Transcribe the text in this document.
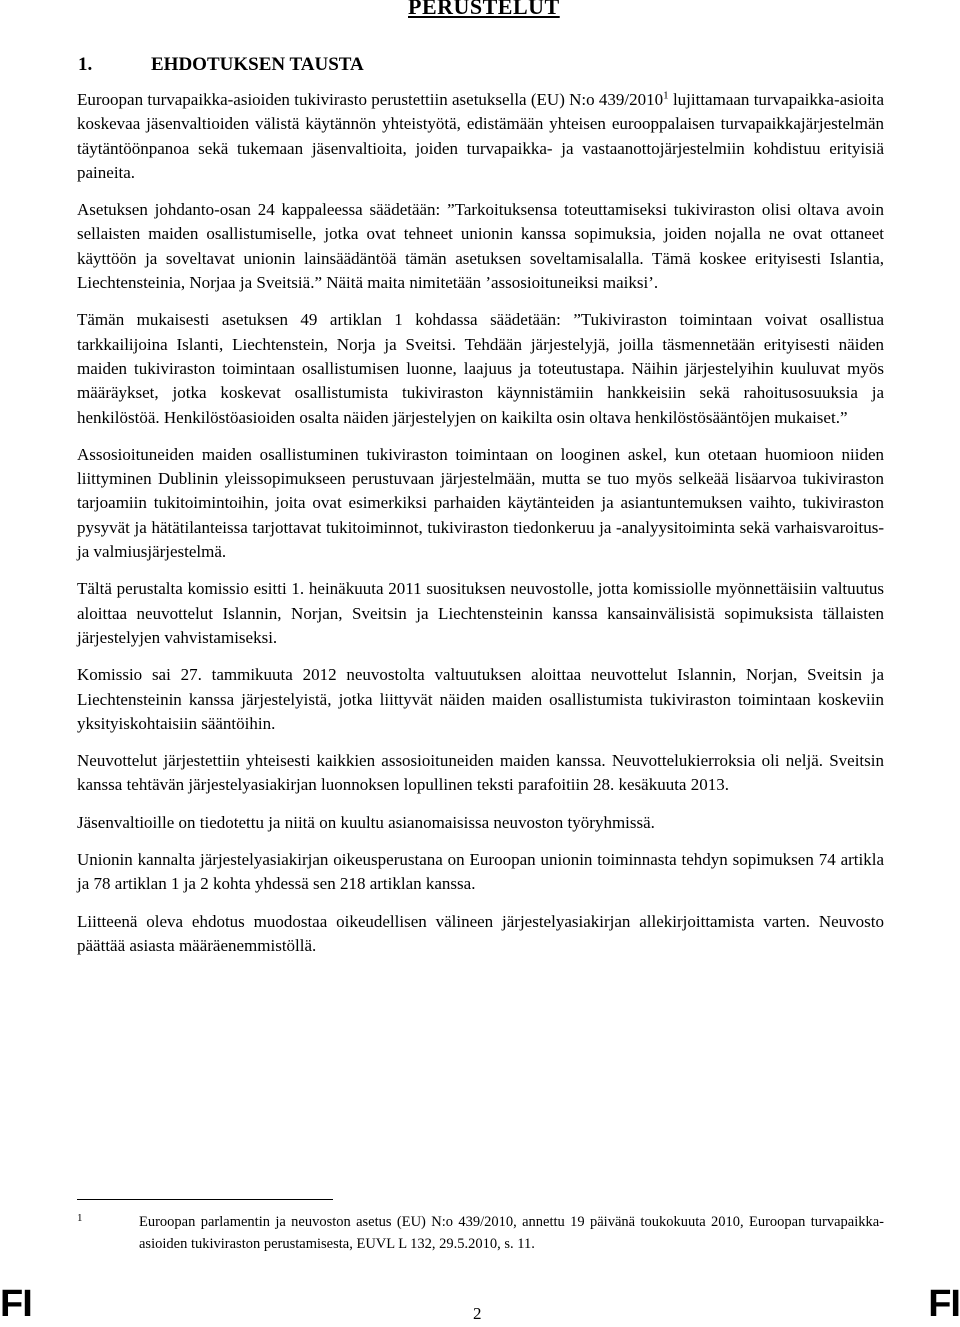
PERUSTELUT
1.	EHDOTUKSEN TAUSTA

Euroopan turvapaikka-asioiden tukivirasto perustettiin asetuksella (EU) N:o 439/2010$^1$ lujittamaan turvapaikka-asioita koskevaa jäsenvaltioiden välistä käytännön yhteistyötä, edistämään yhteisen eurooppalaisen turvapaikkajärjestelmän täytäntöönpanoa sekä tukemaan jäsenvaltioita, joiden turvapaikka- ja vastaanottojärjestelmiin kohdistuu erityisiä paineita.

Asetuksen johdanto-osan 24 kappaleessa säädetään: ”Tarkoituksensa toteuttamiseksi tukiviraston olisi oltava avoin sellaisten maiden osallistumiselle, jotka ovat tehneet unionin kanssa sopimuksia, joiden nojalla ne ovat ottaneet käyttöön ja soveltavat unionin lainsäädäntöä tämän asetuksen soveltamisalalla. Tämä koskee erityisesti Islantia, Liechtensteinia, Norjaa ja Sveitsiä.” Näitä maita nimitetään ’assosioituneiksi maiksi’.

Tämän mukaisesti asetuksen 49 artiklan 1 kohdassa säädetään: ”Tukiviraston toimintaan voivat osallistua tarkkailijoina Islanti, Liechtenstein, Norja ja Sveitsi. Tehdään järjestelyjä, joilla täsmennetään erityisesti näiden maiden tukiviraston toimintaan osallistumisen luonne, laajuus ja toteutustapa. Näihin järjestelyihin kuuluvat myös määräykset, jotka koskevat osallistumista tukiviraston käynnistämiin hankkeisiin sekä rahoitusosuuksia ja henkilöstöä. Henkilöstöasioiden osalta näiden järjestelyjen on kaikilta osin oltava henkilöstösääntöjen mukaiset.”

Assosioituneiden maiden osallistuminen tukiviraston toimintaan on looginen askel, kun otetaan huomioon niiden liittyminen Dublinin yleissopimukseen perustuvaan järjestelmään, mutta se tuo myös selkeää lisäarvoa tukiviraston tarjoamiin tukitoimintoihin, joita ovat esimerkiksi parhaiden käytänteiden ja asiantuntemuksen vaihto, tukiviraston pysyvät ja hätätilanteissa tarjottavat tukitoiminnot, tukiviraston tiedonkeruu ja -analyysitoiminta sekä varhaisvaroitus- ja valmiusjärjestelmä.

Tältä perustalta komissio esitti 1. heinäkuuta 2011 suosituksen neuvostolle, jotta komissiolle myönnettäisiin valtuutus aloittaa neuvottelut Islannin, Norjan, Sveitsin ja Liechtensteinin kanssa kansainvälisistä sopimuksista tällaisten järjestelyjen vahvistamiseksi.

Komissio sai 27. tammikuuta 2012 neuvostolta valtuutuksen aloittaa neuvottelut Islannin, Norjan, Sveitsin ja Liechtensteinin kanssa järjestelyistä, jotka liittyvät näiden maiden osallistumista tukiviraston toimintaan koskeviin yksityiskohtaisiin sääntöihin.

Neuvottelut järjestettiin yhteisesti kaikkien assosioituneiden maiden kanssa. Neuvottelukierroksia oli neljä. Sveitsin kanssa tehtävän järjestelyasiakirjan luonnoksen lopullinen teksti parafoitiin 28. kesäkuuta 2013.

Jäsenvaltioille on tiedotettu ja niitä on kuultu asianomaisissa neuvoston työryhmissä.

Unionin kannalta järjestelyasiakirjan oikeusperustana on Euroopan unionin toiminnasta tehdyn sopimuksen 74 artikla ja 78 artiklan 1 ja 2 kohta yhdessä sen 218 artiklan kanssa.

Liitteenä oleva ehdotus muodostaa oikeudellisen välineen järjestelyasiakirjan allekirjoittamista varten. Neuvosto päättää asiasta määräenemmistöllä.

1	Euroopan parlamentin ja neuvoston asetus (EU) N:o 439/2010, annettu 19 päivänä toukokuuta 2010, Euroopan turvapaikka-asioiden tukiviraston perustamisesta, EUVL L 132, 29.5.2010, s. 11.
FI	2	FI
